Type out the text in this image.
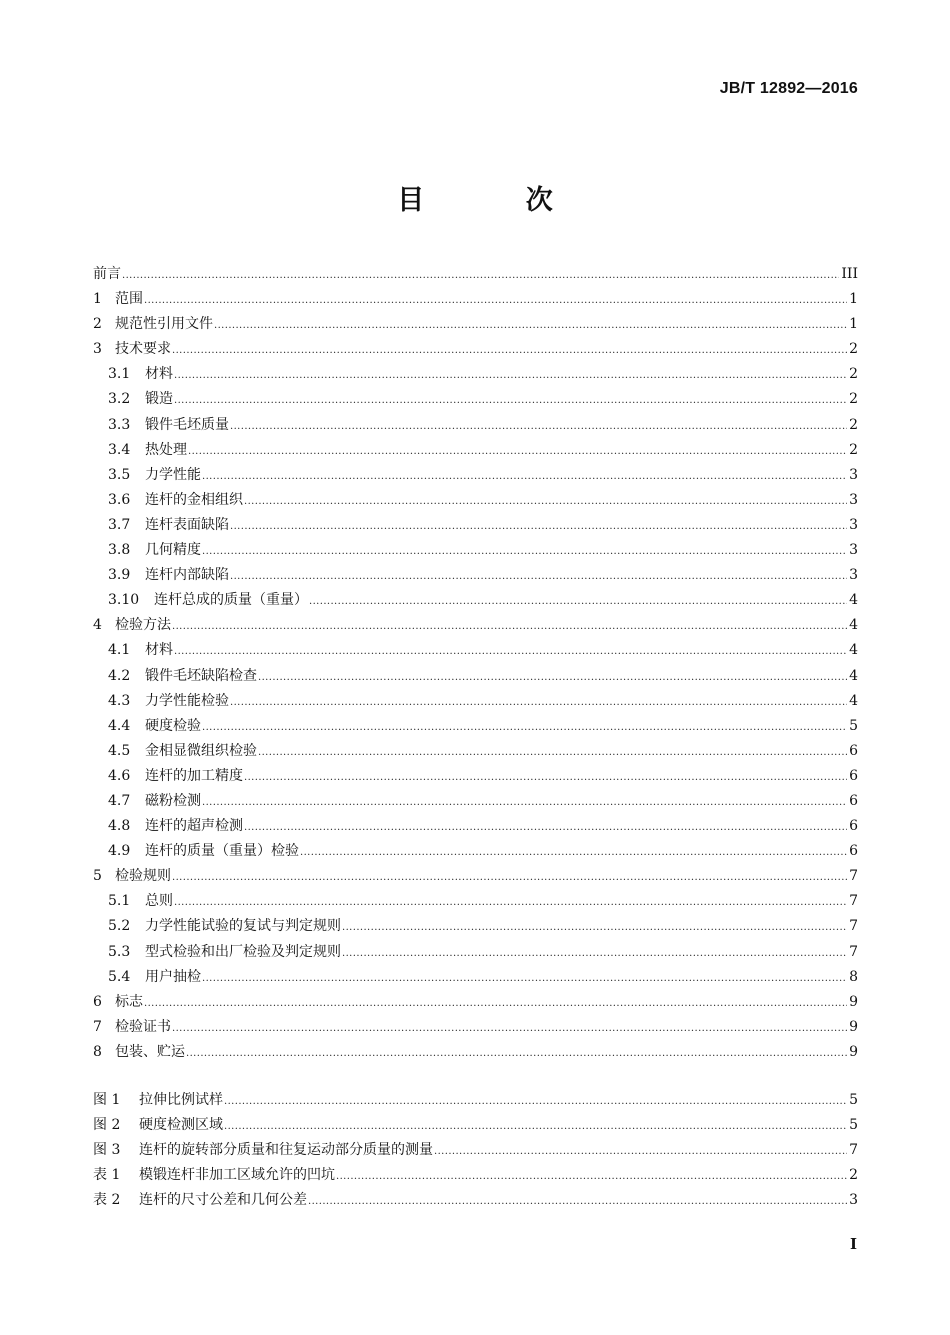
JB/T 12892—2016
目 次
前言 .....	III
1 范围 .....	1
2 规范性引用文件 .....	1
3 技术要求 .....	2
3.1	材料 .....	2
3.2	锻造 .....	2
3.3	锻件毛坯质量 .....	2
3.4	热处理 .....	2
3.5	力学性能 .....	3
3.6	连杆的金相组织 .....	3
3.7	连杆表面缺陷 .....	3
3.8	几何精度 .....	3
3.9	连杆内部缺陷 .....	3
3.10	连杆总成的质量（重量） .....	4
4 检验方法 .....	4
4.1	材料 .....	4
4.2	锻件毛坯缺陷检查 .....	4
4.3	力学性能检验 .....	4
4.4	硬度检验 .....	5
4.5	金相显微组织检验 .....	6
4.6	连杆的加工精度 .....	6
4.7	磁粉检测 .....	6
4.8	连杆的超声检测 .....	6
4.9	连杆的质量（重量）检验 .....	6
5 检验规则 .....	7
5.1	总则 .....	7
5.2	力学性能试验的复试与判定规则 .....	7
5.3	型式检验和出厂检验及判定规则 .....	7
5.4	用户抽检 .....	8
6 标志 .....	9
7 检验证书 .....	9
8 包装、贮运 .....	9
图 1	拉伸比例试样 .....	5
图 2	硬度检测区域 .....	5
图 3	连杆的旋转部分质量和往复运动部分质量的测量 .....	7
表 1	模锻连杆非加工区域允许的凹坑 .....	2
表 2	连杆的尺寸公差和几何公差 .....	3
I
